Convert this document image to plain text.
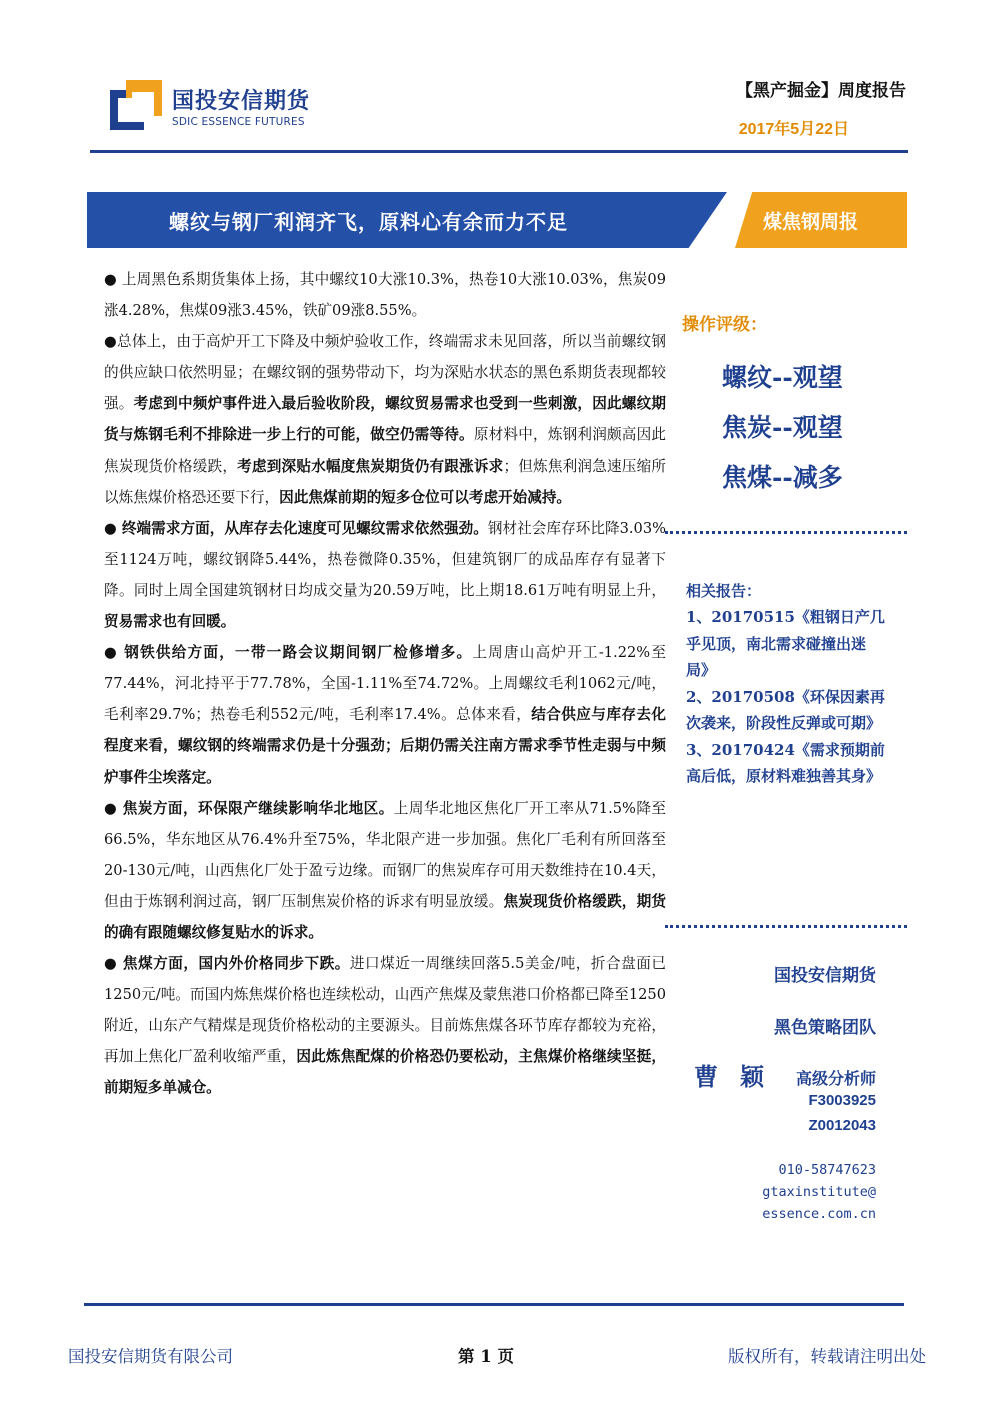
国投安信期货
SDIC ESSENCE FUTURES
【黑产掘金】周度报告
2017年5月22日
螺纹与钢厂利润齐飞，原料心有余而力不足	煤焦钢周报

● 上周黑色系期货集体上扬，其中螺纹10大涨10.3%，热卷10大涨10.03%，焦炭09涨4.28%，焦煤09涨3.45%，铁矿09涨8.55%。

●总体上，由于高炉开工下降及中频炉验收工作，终端需求未见回落，所以当前螺纹钢的供应缺口依然明显；在螺纹钢的强势带动下，均为深贴水状态的黑色系期货表现都较强。考虑到中频炉事件进入最后验收阶段，螺纹贸易需求也受到一些刺激，因此螺纹期货与炼钢毛利不排除进一步上行的可能，做空仍需等待。原材料中，炼钢利润颇高因此焦炭现货价格缓跌，考虑到深贴水幅度焦炭期货仍有跟涨诉求；但炼焦利润急速压缩所以炼焦煤价格恐还要下行，因此焦煤前期的短多仓位可以考虑开始减持。

● 终端需求方面，从库存去化速度可见螺纹需求依然强劲。钢材社会库存环比降3.03%至1124万吨，螺纹钢降5.44%，热卷微降0.35%，但建筑钢厂的成品库存有显著下降。同时上周全国建筑钢材日均成交量为20.59万吨，比上期18.61万吨有明显上升，贸易需求也有回暖。

● 钢铁供给方面，一带一路会议期间钢厂检修增多。上周唐山高炉开工-1.22%至77.44%，河北持平于77.78%，全国-1.11%至74.72%。上周螺纹毛利1062元/吨，毛利率29.7%；热卷毛利552元/吨，毛利率17.4%。总体来看，结合供应与库存去化程度来看，螺纹钢的终端需求仍是十分强劲；后期仍需关注南方需求季节性走弱与中频炉事件尘埃落定。

● 焦炭方面，环保限产继续影响华北地区。上周华北地区焦化厂开工率从71.5%降至66.5%，华东地区从76.4%升至75%，华北限产进一步加强。焦化厂毛利有所回落至20-130元/吨，山西焦化厂处于盈亏边缘。而钢厂的焦炭库存可用天数维持在10.4天，但由于炼钢利润过高，钢厂压制焦炭价格的诉求有明显放缓。焦炭现货价格缓跌，期货的确有跟随螺纹修复贴水的诉求。

● 焦煤方面，国内外价格同步下跌。进口煤近一周继续回落5.5美金/吨，折合盘面已1250元/吨。而国内炼焦煤价格也连续松动，山西产焦煤及蒙焦港口价格都已降至1250附近，山东产气精煤是现货价格松动的主要源头。目前炼焦煤各环节库存都较为充裕，再加上焦化厂盈利收缩严重，因此炼焦配煤的价格恐仍要松动，主焦煤价格继续坚挺，前期短多单减仓。

操作评级：
螺纹--观望
焦炭--观望
焦煤--减多
相关报告：
1、20170515《粗钢日产几乎见顶，南北需求碰撞出迷局》
2、20170508《环保因素再次袭来，阶段性反弹或可期》
3、20170424《需求预期前高后低，原材料难独善其身》
国投安信期货
黑色策略团队
曹颖 高级分析师
F3003925
Z0012043
010-58747623
gtaxinstitute@
essence.com.cn
国投安信期货有限公司	第 1 页	版权所有，转载请注明出处
